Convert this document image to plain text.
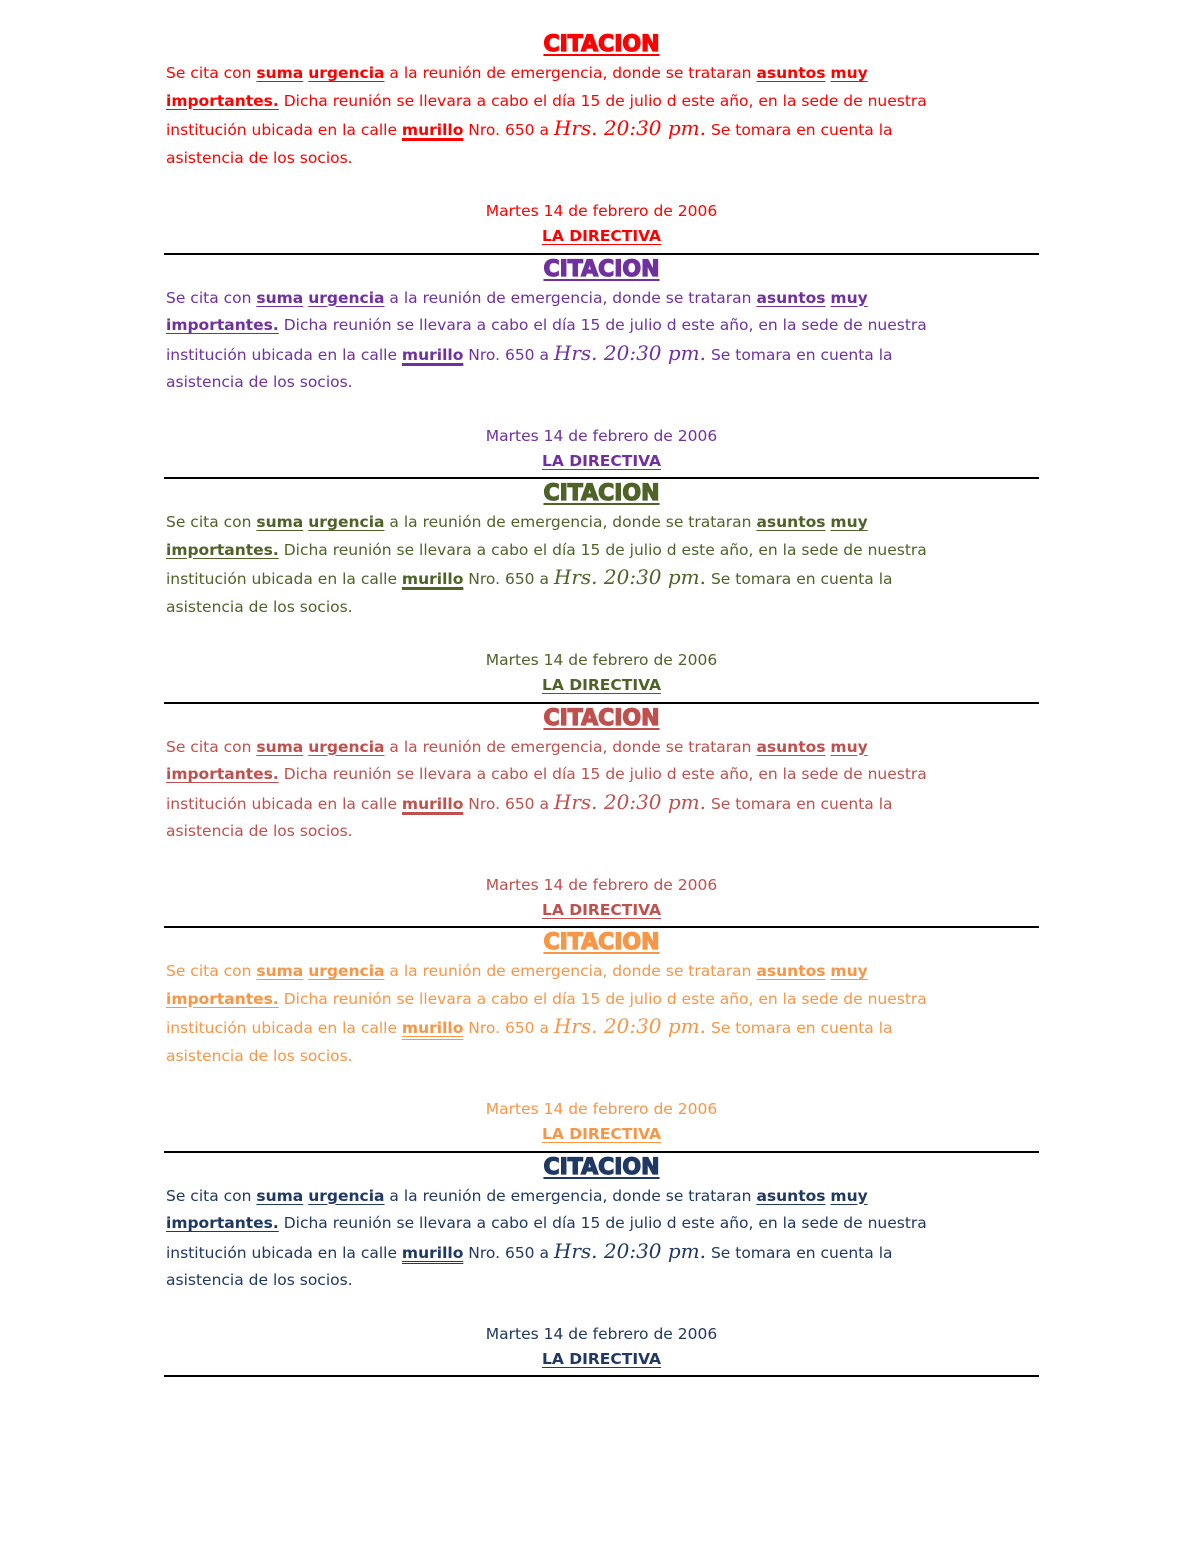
CITACION
Se cita con suma urgencia a la reunión de emergencia, donde se trataran asuntos muy
importantes. Dicha reunión se llevara a cabo el día 15 de julio d este año, en la sede de nuestra
institución ubicada en la calle murillo Nro. 650 a Hrs. 20:30 pm. Se tomara en cuenta la
asistencia de los socios.
Martes 14 de febrero de 2006
LA DIRECTIVA
CITACION
Se cita con suma urgencia a la reunión de emergencia, donde se trataran asuntos muy
importantes. Dicha reunión se llevara a cabo el día 15 de julio d este año, en la sede de nuestra
institución ubicada en la calle murillo Nro. 650 a Hrs. 20:30 pm. Se tomara en cuenta la
asistencia de los socios.
Martes 14 de febrero de 2006
LA DIRECTIVA
CITACION
Se cita con suma urgencia a la reunión de emergencia, donde se trataran asuntos muy
importantes. Dicha reunión se llevara a cabo el día 15 de julio d este año, en la sede de nuestra
institución ubicada en la calle murillo Nro. 650 a Hrs. 20:30 pm. Se tomara en cuenta la
asistencia de los socios.
Martes 14 de febrero de 2006
LA DIRECTIVA
CITACION
Se cita con suma urgencia a la reunión de emergencia, donde se trataran asuntos muy
importantes. Dicha reunión se llevara a cabo el día 15 de julio d este año, en la sede de nuestra
institución ubicada en la calle murillo Nro. 650 a Hrs. 20:30 pm. Se tomara en cuenta la
asistencia de los socios.
Martes 14 de febrero de 2006
LA DIRECTIVA
CITACION
Se cita con suma urgencia a la reunión de emergencia, donde se trataran asuntos muy
importantes. Dicha reunión se llevara a cabo el día 15 de julio d este año, en la sede de nuestra
institución ubicada en la calle murillo Nro. 650 a Hrs. 20:30 pm. Se tomara en cuenta la
asistencia de los socios.
Martes 14 de febrero de 2006
LA DIRECTIVA
CITACION
Se cita con suma urgencia a la reunión de emergencia, donde se trataran asuntos muy
importantes. Dicha reunión se llevara a cabo el día 15 de julio d este año, en la sede de nuestra
institución ubicada en la calle murillo Nro. 650 a Hrs. 20:30 pm. Se tomara en cuenta la
asistencia de los socios.
Martes 14 de febrero de 2006
LA DIRECTIVA
